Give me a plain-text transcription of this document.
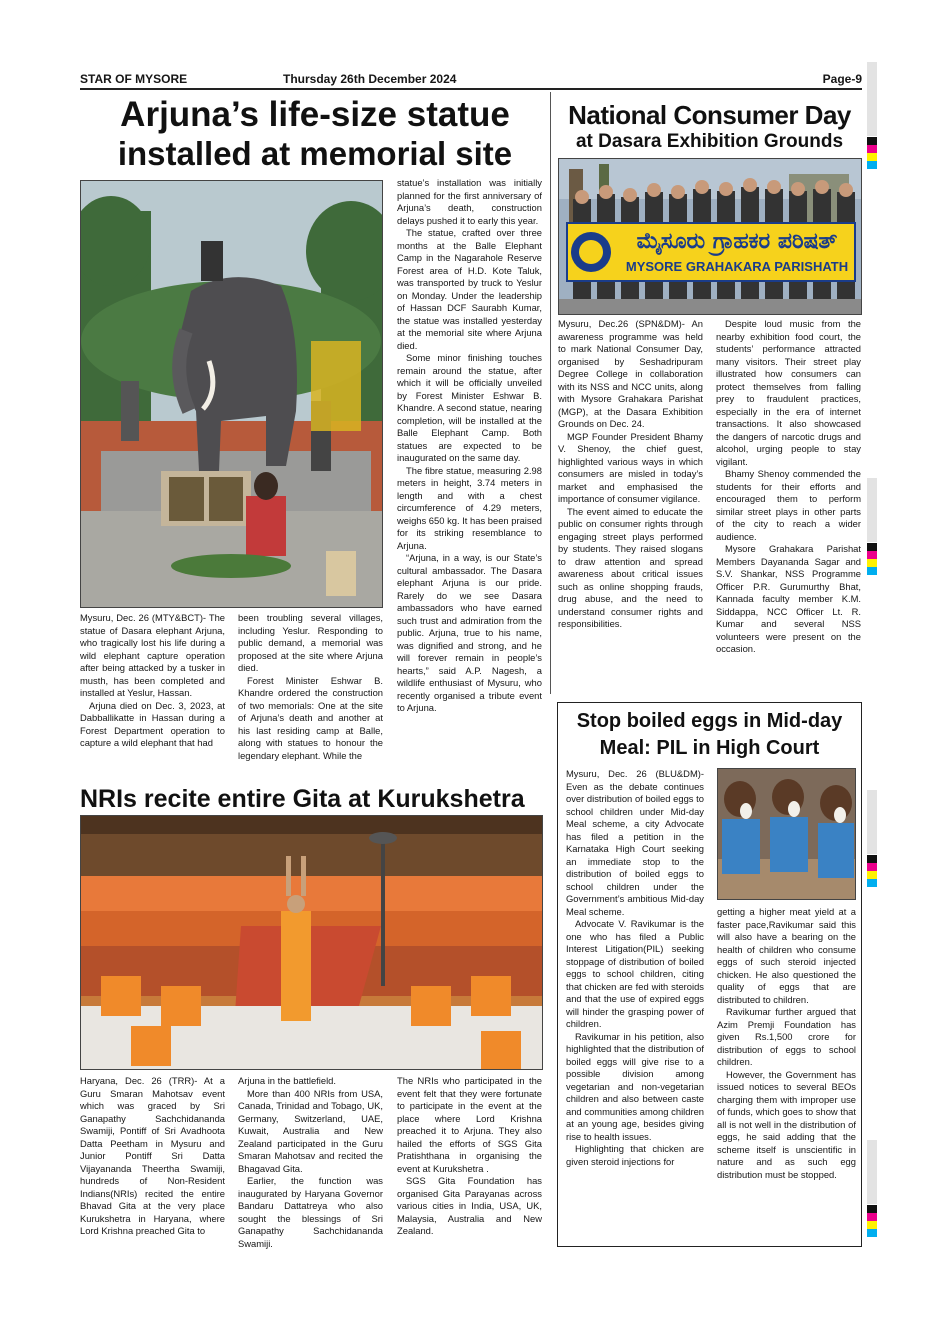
STAR OF MYSORE	Thursday 26th December 2024	Page-9
Arjuna’s life-size statue
installed at memorial site

Mysuru, Dec. 26 (MTY&BCT)- The statue of Dasara elephant Arjuna, who tragically lost his life during a wild elephant capture operation after being attacked by a tusker in musth, has been completed and installed at Yeslur, Hassan.

Arjuna died on Dec. 3, 2023, at Dabballikatte in Hassan during a Forest Department operation to capture a wild elephant that had

been troubling several villages, including Yeslur. Responding to public demand, a memorial was proposed at the site where Arjuna died.

Forest Minister Eshwar B. Khandre ordered the construction of two memorials: One at the site of Arjuna’s death and another at his last residing camp at Balle, along with statues to honour the legendary elephant. While the

statue’s installation was initially planned for the first anniversary of Arjuna’s death, construction delays pushed it to early this year.

The statue, crafted over three months at the Balle Elephant Camp in the Nagarahole Reserve Forest area of H.D. Kote Taluk, was transported by truck to Yeslur on Monday. Under the leadership of Hassan DCF Saurabh Kumar, the statue was installed yesterday at the memorial site where Arjuna died.

Some minor finishing touches remain around the statue, after which it will be officially unveiled by Forest Minister Eshwar B. Khandre. A second statue, nearing completion, will be installed at the Balle Elephant Camp. Both statues are expected to be inaugurated on the same day.

The fibre statue, measuring 2.98 meters in height, 3.74 meters in length and with a chest circumference of 4.29 meters, weighs 650 kg. It has been praised for its striking resemblance to Arjuna.

“Arjuna, in a way, is our State’s cultural ambassador. The Dasara elephant Arjuna is our pride. Rarely do we see Dasara ambassadors who have earned such trust and admiration from the public. Arjuna, true to his name, was dignified and strong, and he will forever remain in people’s hearts,” said A.P. Nagesh, a wildlife enthusiast of Mysuru, who recently organised a tribute event to Arjuna.

National Consumer Day
at Dasara Exhibition Grounds
ಮೈಸೂರು ಗ್ರಾಹಕರ ಪರಿಷತ್
MYSORE GRAHAKARA PARISHATH

Mysuru, Dec.26 (SPN&DM)- An awareness programme was held to mark National Consumer Day, organised by Seshadripuram Degree College in collaboration with its NSS and NCC units, along with Mysore Grahakara Parishat (MGP), at the Dasara Exhibition Grounds on Dec. 24.

MGP Founder President Bhamy V. Shenoy, the chief guest, highlighted various ways in which consumers are misled in today’s market and emphasised the importance of consumer vigilance.

The event aimed to educate the public on consumer rights through engaging street plays performed by students. They raised slogans to draw attention and spread awareness about critical issues such as online shopping frauds, drug abuse, and the need to understand consumer rights and responsibilities.

Despite loud music from the nearby exhibition food court, the students’ performance attracted many visitors. Their street play illustrated how consumers can protect themselves from falling prey to fraudulent practices, especially in the era of internet transactions. It also showcased the dangers of narcotic drugs and alcohol, urging people to stay vigilant.

Bhamy Shenoy commended the students for their efforts and encouraged them to perform similar street plays in other parts of the city to reach a wider audience.

Mysore Grahakara Parishat Members Dayananda Sagar and S.V. Shankar, NSS Programme Officer P.R. Gurumurthy Bhat, Kannada faculty member K.M. Siddappa, NCC Officer Lt. R. Kumar and several NSS volunteers were present on the occasion.

Stop boiled eggs in Mid-day
Meal: PIL in High Court

Mysuru, Dec. 26 (BLU&DM)- Even as the debate continues over distribution of boiled eggs to school children under Mid-day Meal scheme, a city Advocate has filed a petition in the Karnataka High Court seeking an immediate stop to the distribution of boiled eggs to school children under the Government’s ambitious Mid-day Meal scheme.

Advocate V. Ravikumar is the one who has filed a Public Interest Litigation(PIL) seeking stoppage of distribution of boiled eggs to school children, citing that chicken are fed with steroids and that the use of expired eggs will hinder the grasping power of children.

Ravikumar in his petition, also highlighted that the distribution of boiled eggs will give rise to a possible division among vegetarian and non-vegetarian children and also between caste and communities among children at an young age, besides giving rise to health issues.

Highlighting that chicken are given steroid injections for

getting a higher meat yield at a faster pace,Ravikumar said this will also have a bearing on the health of children who consume eggs of such steroid injected chicken. He also questioned the quality of eggs that are distributed to children.

Ravikumar further argued that Azim Premji Foundation has given Rs.1,500 crore for distribution of eggs to school children.

However, the Government has issued notices to several BEOs charging them with improper use of funds, which goes to show that all is not well in the distribution of eggs, he said adding that the scheme itself is unscientific in nature and as such egg distribution must be stopped.

NRIs recite entire Gita at Kurukshetra

Haryana, Dec. 26 (TRR)- At a Guru Smaran Mahotsav event which was graced by Sri Ganapathy Sachchidananda Swamiji, Pontiff of Sri Avadhoota Datta Peetham in Mysuru and Junior Pontiff Sri Datta Vijayananda Theertha Swamiji, hundreds of Non-Resident Indians(NRIs) recited the entire Bhavad Gita at the very place Kurukshetra in Haryana, where Lord Krishna preached Gita to

Arjuna in the battlefield.

More than 400 NRIs from USA, Canada, Trinidad and Tobago, UK, Germany, Switzerland, UAE, Kuwait, Australia and New Zealand participated in the Guru Smaran Mahotsav and recited the Bhagavad Gita.

Earlier, the function was inaugurated by Haryana Governor Bandaru Dattatreya who also sought the blessings of Sri Ganapathy Sachchidananda Swamiji.

The NRIs who participated in the event felt that they were fortunate to participate in the event at the place where Lord Krishna preached it to Arjuna. They also hailed the efforts of SGS Gita Pratishthana in organising the event at Kurukshetra .

SGS Gita Foundation has organised Gita Parayanas across various cities in India, USA, UK, Malaysia, Australia and New Zealand.
